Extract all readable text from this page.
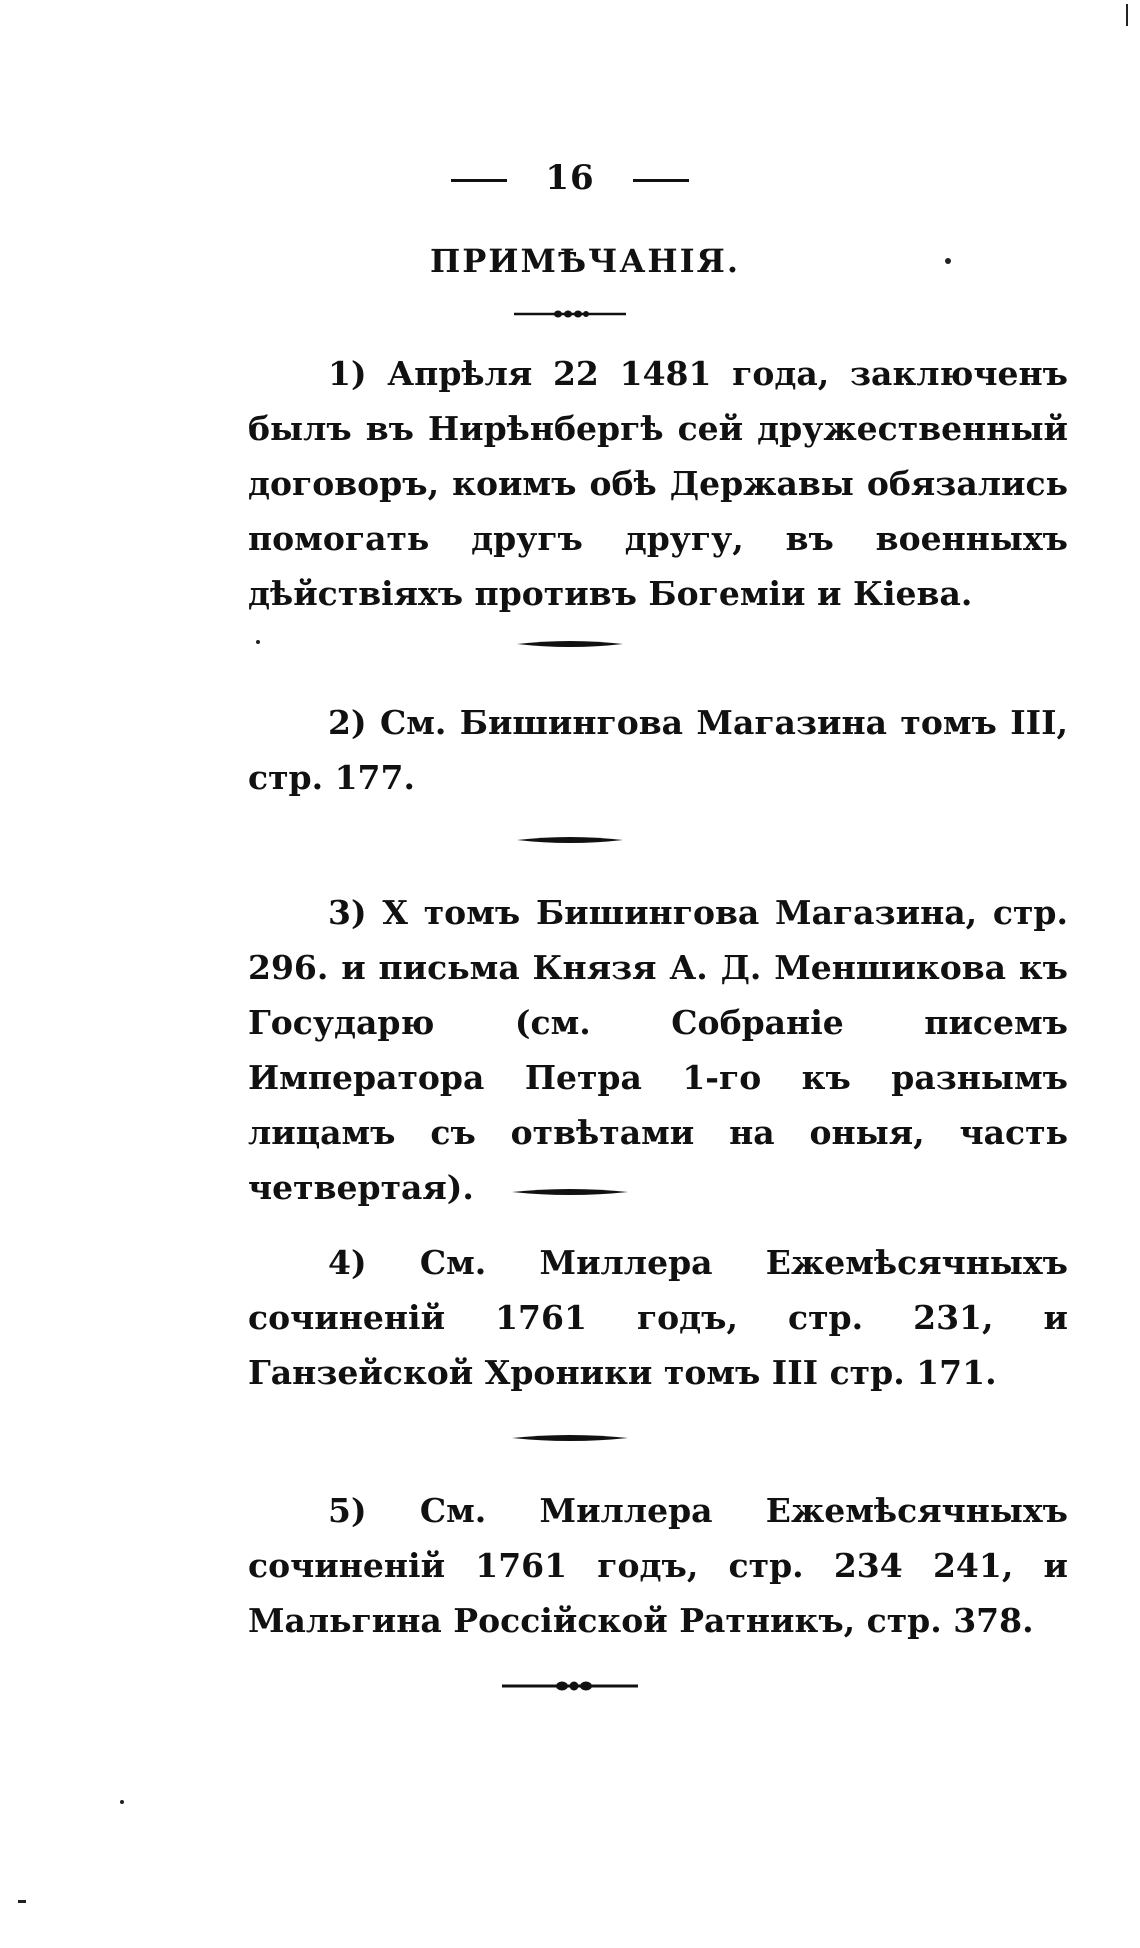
16
ПРИМѢЧАНІЯ.

1) Апрѣля 22 1481 года, заключенъ былъ въ Нирѣнбергѣ сей дружественный договоръ, коимъ обѣ Державы обязались помогать другъ другу, въ военныхъ дѣйствіяхъ противъ Богеміи и Кіева.

2) См. Бишингова Магазина томъ III, стр. 177.

3) X томъ Бишингова Магазина, стр. 296. и письма Князя А. Д. Меншикова къ Государю (см. Собраніе писемъ Императора Петра 1-го къ разнымъ лицамъ съ отвѣтами на оныя, часть четвертая).

4) См. Миллера Ежемѣсячныхъ сочиненій 1761 годъ, стр. 231, и Ганзейской Хроники томъ III стр. 171.

5) См. Миллера Ежемѣсячныхъ сочиненій 1761 годъ, стр. 234 241, и Мальгина Россійской Ратникъ, стр. 378.
